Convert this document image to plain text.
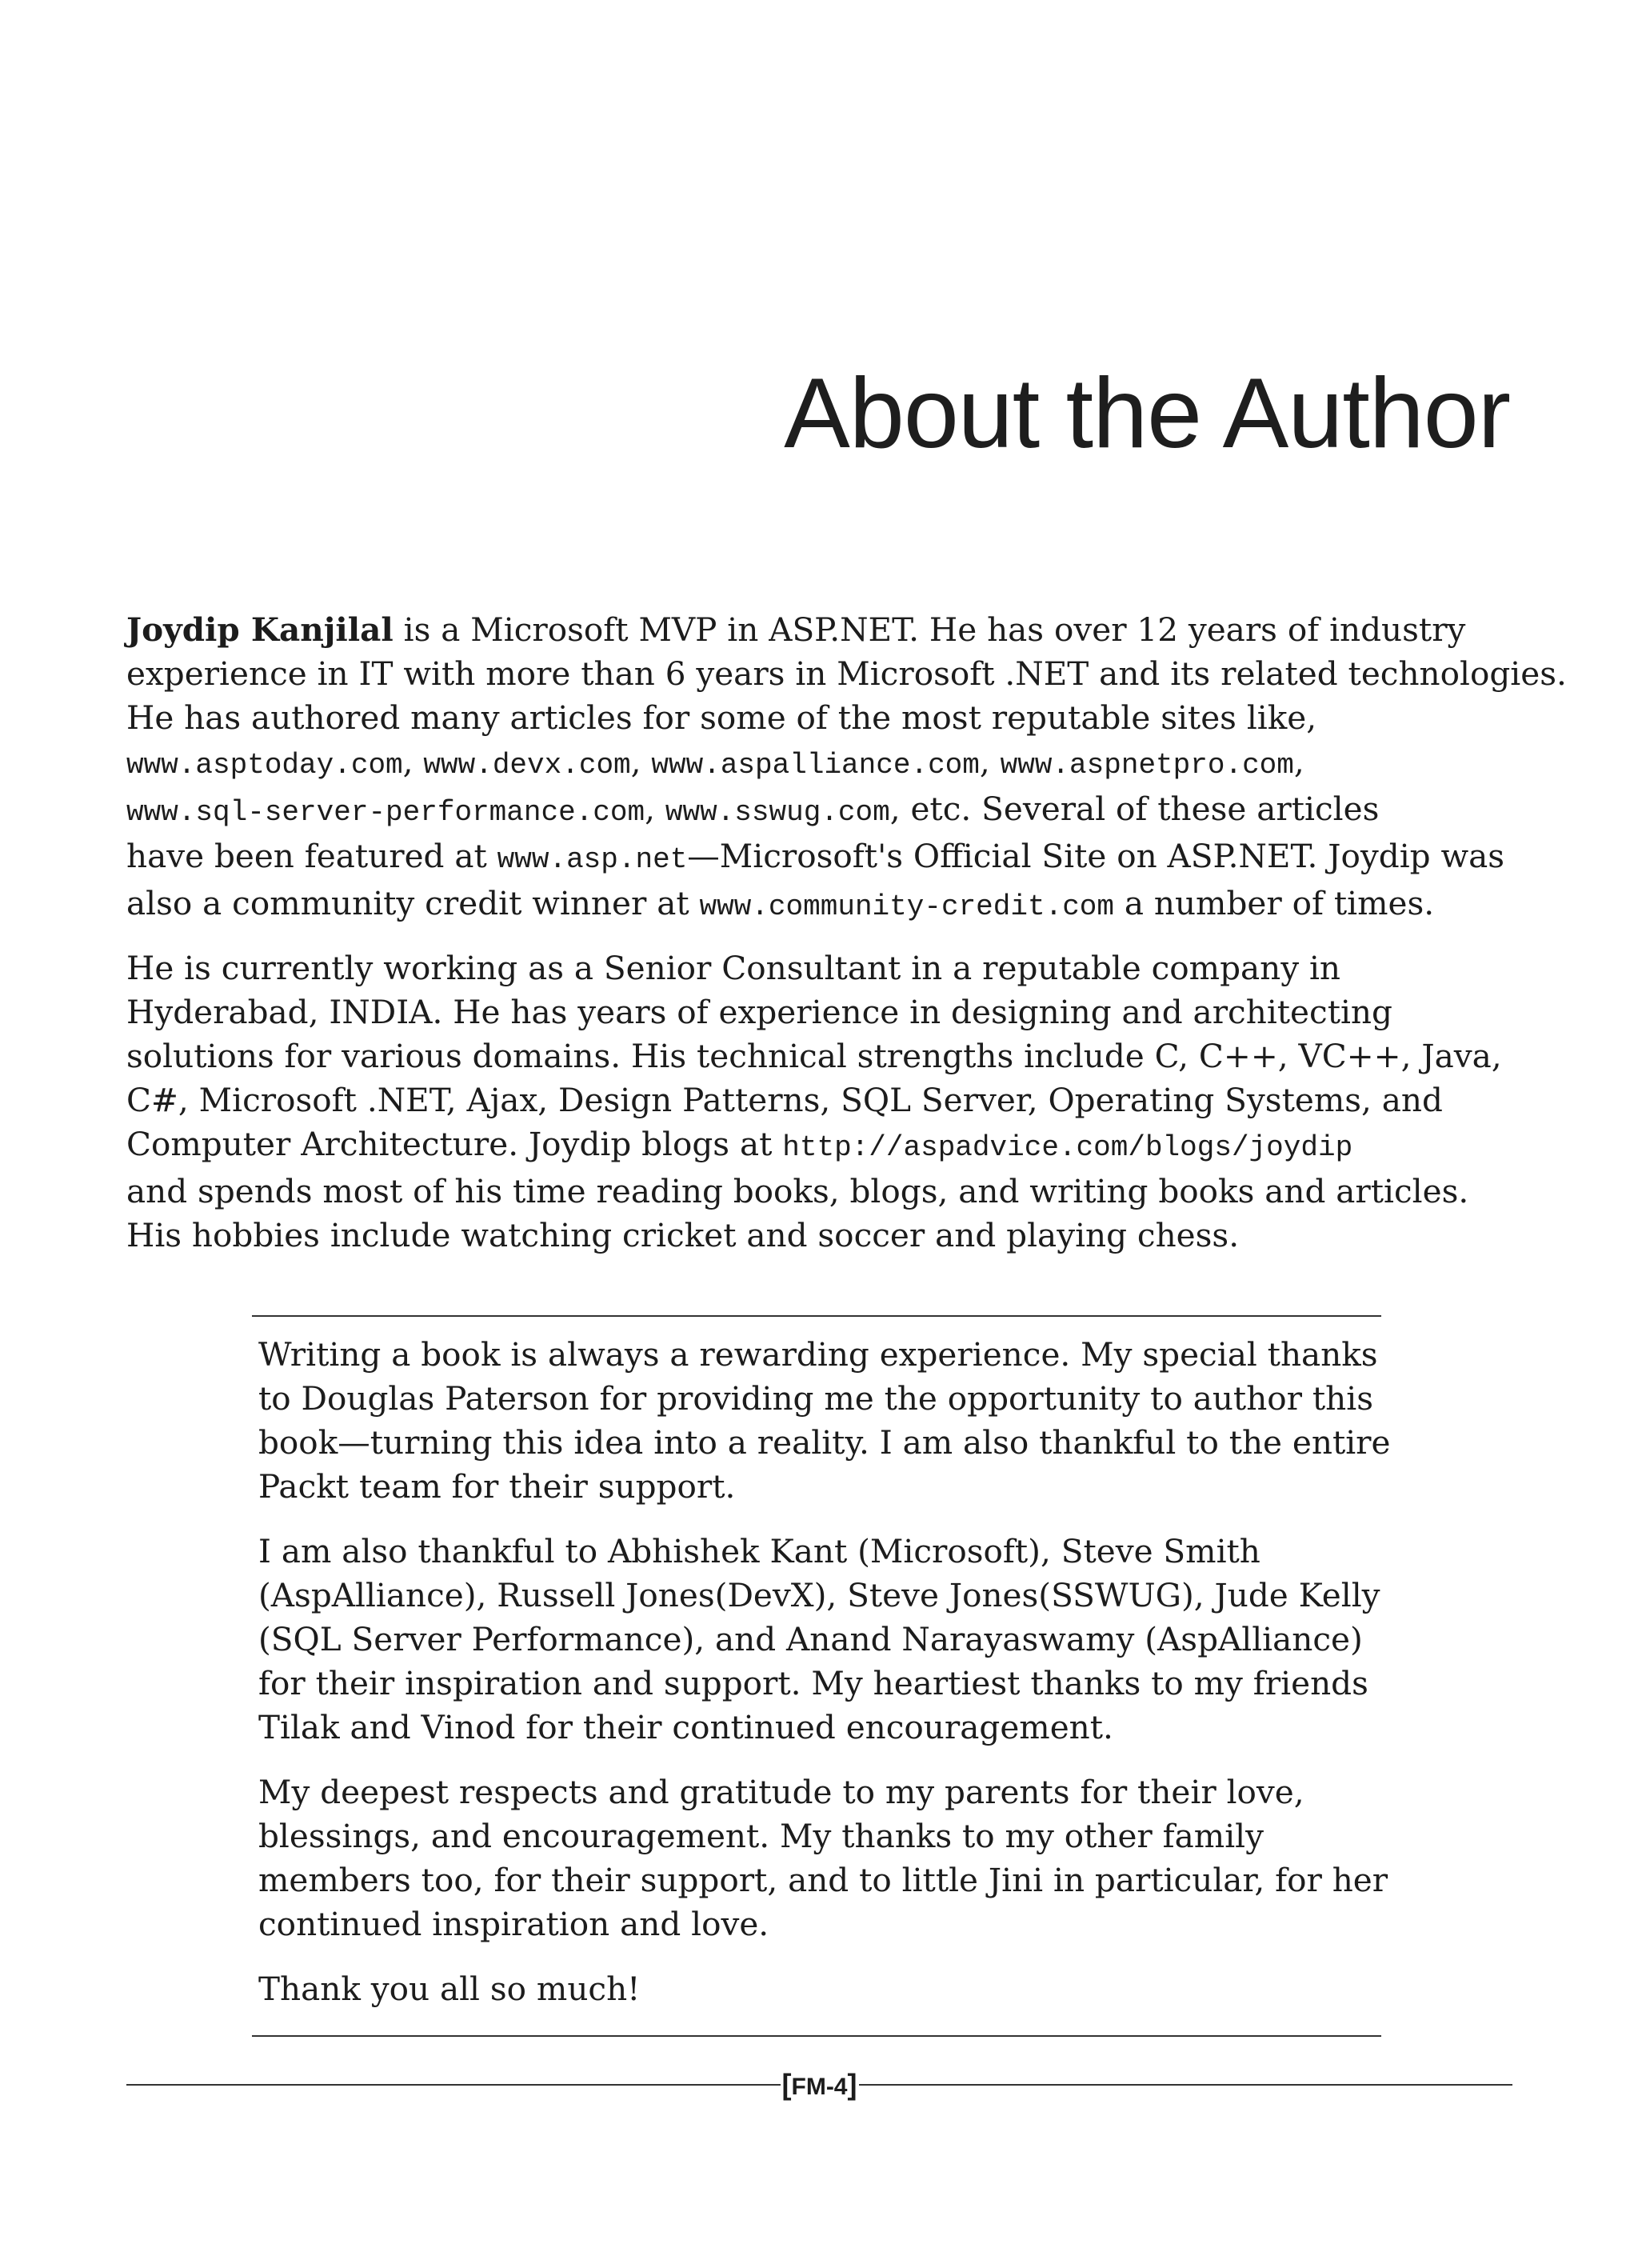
About the Author

Joydip Kanjilal is a Microsoft MVP in ASP.NET. He has over 12 years of industry
experience in IT with more than 6 years in Microsoft .NET and its related technologies.
He has authored many articles for some of the most reputable sites like,
www.asptoday.com, www.devx.com, www.aspalliance.com, www.aspnetpro.com,
www.sql-server-performance.com, www.sswug.com, etc. Several of these articles
have been featured at www.asp.net—Microsoft's Official Site on ASP.NET. Joydip was
also a community credit winner at www.community-credit.com a number of times.

He is currently working as a Senior Consultant in a reputable company in
Hyderabad, INDIA. He has years of experience in designing and architecting
solutions for various domains. His technical strengths include C, C++, VC++, Java,
C#, Microsoft .NET, Ajax, Design Patterns, SQL Server, Operating Systems, and
Computer Architecture. Joydip blogs at http://aspadvice.com/blogs/joydip
and spends most of his time reading books, blogs, and writing books and articles.
His hobbies include watching cricket and soccer and playing chess.

Writing a book is always a rewarding experience. My special thanks
to Douglas Paterson for providing me the opportunity to author this
book—turning this idea into a reality. I am also thankful to the entire
Packt team for their support.

I am also thankful to Abhishek Kant (Microsoft), Steve Smith
(AspAlliance), Russell Jones(DevX), Steve Jones(SSWUG), Jude Kelly
(SQL Server Performance), and Anand Narayaswamy (AspAlliance)
for their inspiration and support. My heartiest thanks to my friends
Tilak and Vinod for their continued encouragement.

My deepest respects and gratitude to my parents for their love,
blessings, and encouragement. My thanks to my other family
members too, for their support, and to little Jini in particular, for her
continued inspiration and love.

Thank you all so much!

[FM-4]
